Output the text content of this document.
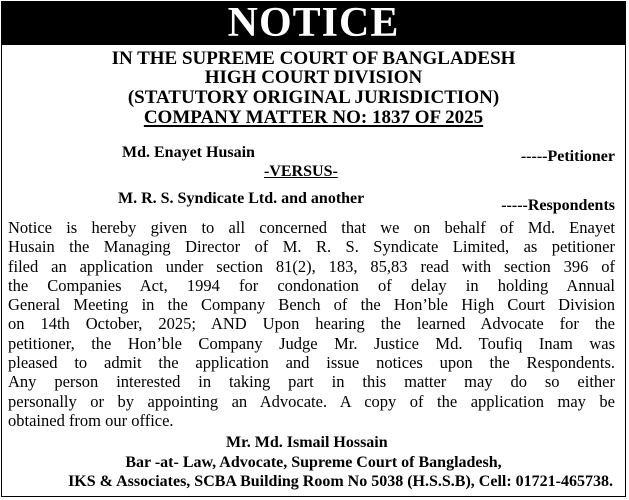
NOTICE
IN THE SUPREME COURT OF BANGLADESH
HIGH COURT DIVISION
(STATUTORY ORIGINAL JURISDICTION)
COMPANY MATTER NO: 1837 OF 2025
Md. Enayet Husain	-----Petitioner
-VERSUS-
M. R. S. Syndicate Ltd. and another	-----Respondents
Notice is hereby given to all concerned that we on behalf of Md. Enayet
Husain the Managing Director of M. R. S. Syndicate Limited, as petitioner
filed an application under section 81(2), 183, 85,83 read with section 396 of
the Companies Act, 1994 for condonation of delay in holding Annual
General Meeting in the Company Bench of the Hon’ble High Court Division
on 14th October, 2025; AND Upon hearing the learned Advocate for the
petitioner, the Hon’ble Company Judge Mr. Justice Md. Toufiq Inam was
pleased to admit the application and issue notices upon the Respondents.
Any person interested in taking part in this matter may do so either
personally or by appointing an Advocate. A copy of the application may be
obtained from our office.
Mr. Md. Ismail Hossain
Bar -at- Law, Advocate, Supreme Court of Bangladesh,
IKS & Associates, SCBA Building Room No 5038 (H.S.S.B), Cell: 01721-465738.
